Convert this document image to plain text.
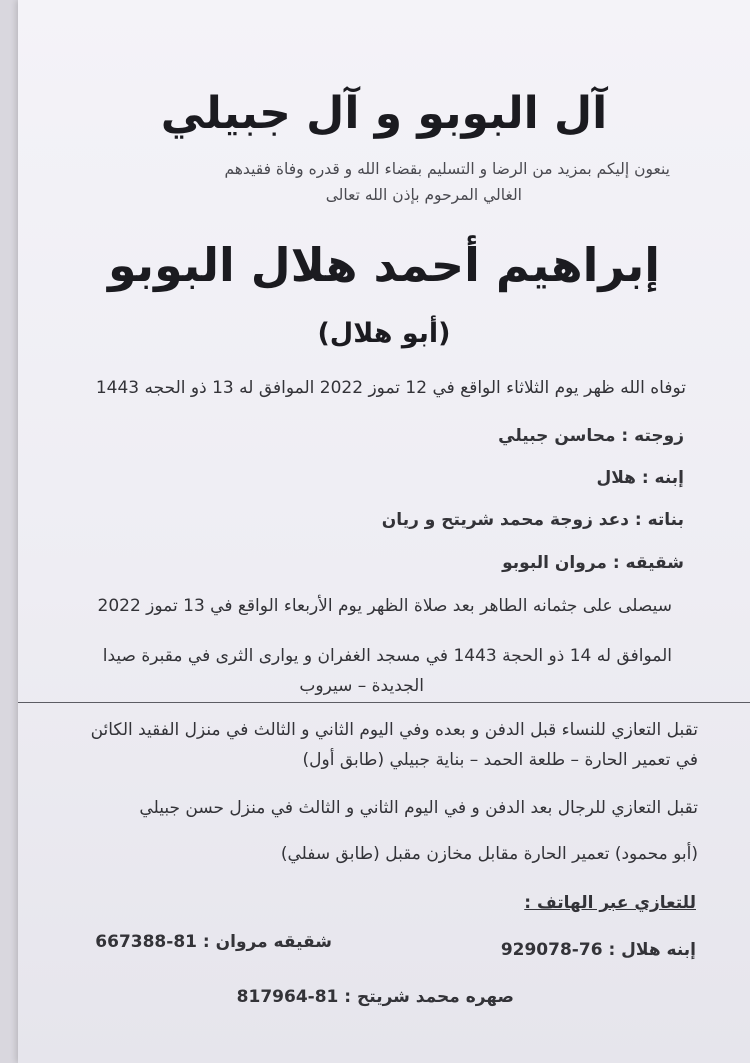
آل البوبو و آل جبيلي
ينعون إليكم بمزيد من الرضا و التسليم بقضاء الله و قدره وفاة فقيدهم
الغالي المرحوم بإذن الله تعالى
إبراهيم أحمد هلال البوبو
(أبو هلال)
توفاه الله ظهر يوم الثلاثاء الواقع في 12 تموز 2022 الموافق له 13 ذو الحجه 1443
زوجته : محاسن جبيلي
إبنه : هلال
بناته : دعد زوجة محمد شريتح و ريان
شقيقه : مروان البوبو
سيصلى على جثمانه الطاهر بعد صلاة الظهر يوم الأربعاء الواقع في 13 تموز 2022
الموافق له 14 ذو الحجة 1443 في مسجد الغفران و يوارى الثرى في مقبرة صيدا
الجديدة – سيروب
تقبل التعازي للنساء قبل الدفن و بعده وفي اليوم الثاني و الثالث في منزل الفقيد الكائن
في تعمير الحارة – طلعة الحمد – بناية جبيلي (طابق أول)
تقبل التعازي للرجال بعد الدفن و في اليوم الثاني و الثالث في منزل حسن جبيلي
(أبو محمود) تعمير الحارة مقابل مخازن مقبل (طابق سفلي)
للتعازي عبر الهاتف :
إبنه هلال : 76-929078
شقيقه مروان : 81-667388
صهره محمد شريتح : 81-817964
